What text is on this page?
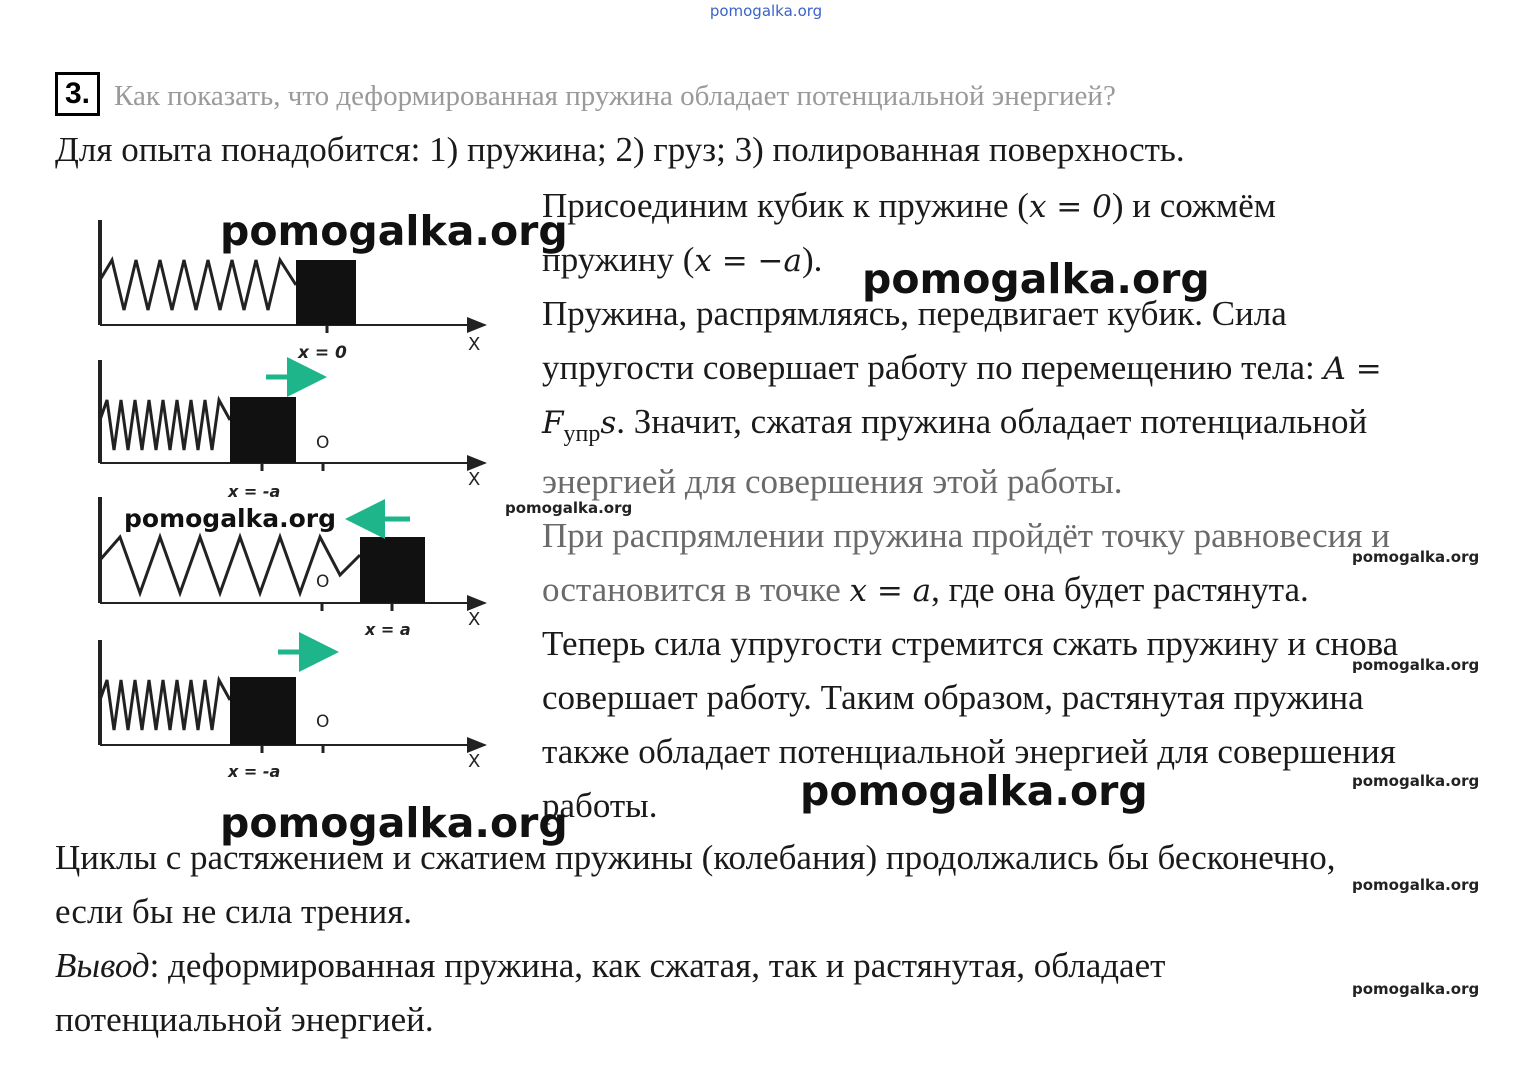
pomogalka.org
3. Как показать, что деформированная пружина обладает потенциальной энергией?
Для опыта понадобится: 1) пружина; 2) груз; 3) полированная поверхность.
x = 0	X
O
x = -a
X
O
x = a	X
O
x = -a	X
Присоединим кубик к пружине (x = 0) и сожмём
пружину (x = −a).
Пружина, распрямляясь, передвигает кубик. Сила
упругости совершает работу по перемещению тела: A =
$F_{упр}s$. Значит, сжатая пружина обладает потенциальной
энергией для совершения этой работы.
При распрямлении пружина пройдёт точку равновесия и
остановится в точке x = a, где она будет растянута.
Теперь сила упругости стремится сжать пружину и снова
совершает работу. Таким образом, растянутая пружина
также обладает потенциальной энергией для совершения
работы.
Циклы с растяжением и сжатием пружины (колебания) продолжались бы бесконечно,
если бы не сила трения.
Вывод: деформированная пружина, как сжатая, так и растянутая, обладает
потенциальной энергией.
pomogalka.org
pomogalka.org
pomogalka.org	pomogalka.org
pomogalka.org
pomogalka.org
pomogalka.org
pomogalka.org
pomogalka.org
pomogalka.org
pomogalka.org
